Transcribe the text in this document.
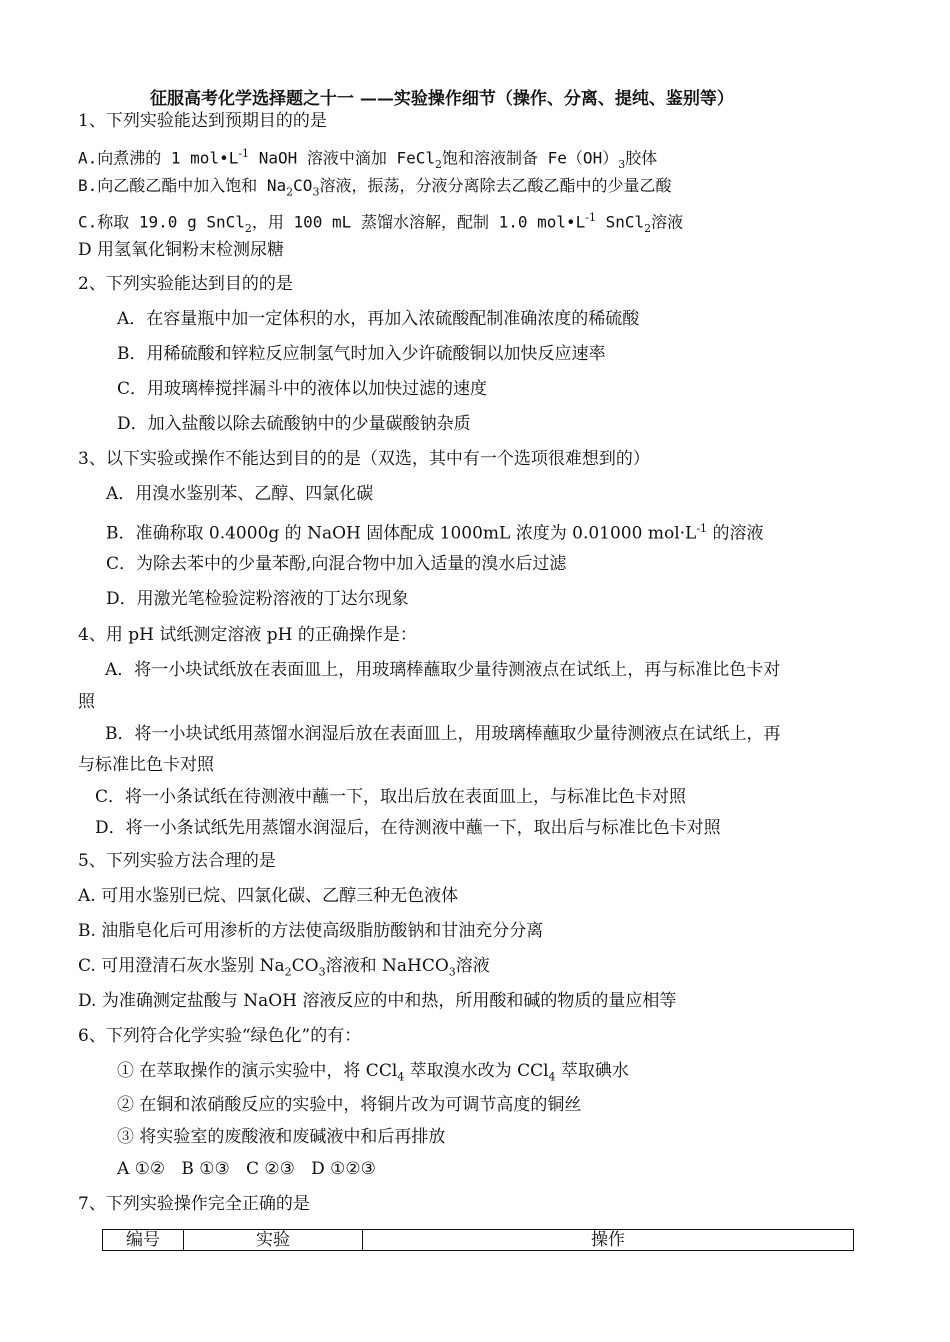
征服高考化学选择题之十一 ——实验操作细节（操作、分离、提纯、鉴别等）
1、下列实验能达到预期目的的是
A.向煮沸的 1 $mol•L^{-1}$ NaOH 溶液中滴加 FeCl$_2$饱和溶液制备 $Fe(OH)_3$胶体
B.向乙酸乙酯中加入饱和 $Na_2CO_3$溶液，振荡，分液分离除去乙酸乙酯中的少量乙酸
C.称取 19.0 g SnCl$_2$，用 100 mL 蒸馏水溶解，配制 1.0 $mol•L^{-1}$ SnCl$_2$溶液
D 用氢氧化铜粉末检测尿糖
2、下列实验能达到目的的是
A．在容量瓶中加一定体积的水，再加入浓硫酸配制准确浓度的稀硫酸
B．用稀硫酸和锌粒反应制氢气时加入少许硫酸铜以加快反应速率
C．用玻璃棒搅拌漏斗中的液体以加快过滤的速度
D．加入盐酸以除去硫酸钠中的少量碳酸钠杂质
3、以下实验或操作不能达到目的的是（双选，其中有一个选项很难想到的）
A．用溴水鉴别苯、乙醇、四氯化碳
B．准确称取 0.4000g 的 NaOH 固体配成 1000mL 浓度为 0.01000 $mol\cdot L^{-1}$ 的溶液
C．为除去苯中的少量苯酚,向混合物中加入适量的溴水后过滤
D．用激光笔检验淀粉溶液的丁达尔现象
4、用 pH 试纸测定溶液 pH 的正确操作是：
A．将一小块试纸放在表面皿上，用玻璃棒蘸取少量待测液点在试纸上，再与标准比色卡对
照
B．将一小块试纸用蒸馏水润湿后放在表面皿上，用玻璃棒蘸取少量待测液点在试纸上，再
与标准比色卡对照
C．将一小条试纸在待测液中蘸一下，取出后放在表面皿上，与标准比色卡对照
D．将一小条试纸先用蒸馏水润湿后，在待测液中蘸一下，取出后与标准比色卡对照
5、下列实验方法合理的是
A. 可用水鉴别已烷、四氯化碳、乙醇三种无色液体
B. 油脂皂化后可用渗析的方法使高级脂肪酸钠和甘油充分分离
C. 可用澄清石灰水鉴别 $Na_2CO_3$溶液和 NaHCO$_3$溶液
D. 为准确测定盐酸与 NaOH 溶液反应的中和热，所用酸和碱的物质的量应相等
6、下列符合化学实验“绿色化”的有：
① 在萃取操作的演示实验中，将 CCl$_4$ 萃取溴水改为 CCl$_4$ 萃取碘水
② 在铜和浓硝酸反应的实验中，将铜片改为可调节高度的铜丝
③ 将实验室的废酸液和废碱液中和后再排放
A ①②   B ①③   C ②③   D ①②③
7、下列实验操作完全正确的是
编号	实验	操作
